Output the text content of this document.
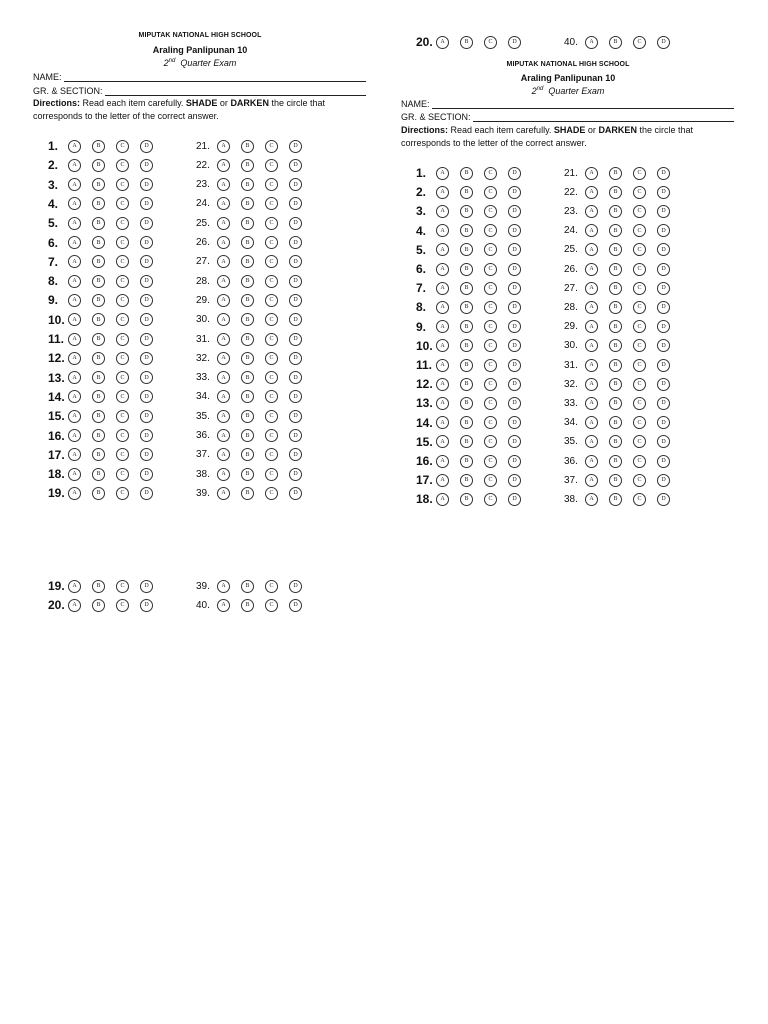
MIPUTAK NATIONAL HIGH SCHOOL
Araling Panlipunan 10
2nd Quarter Exam
NAME:
GR. & SECTION:
Directions: Read each item carefully. SHADE or DARKEN the circle that corresponds to the letter of the correct answer.
MIPUTAK NATIONAL HIGH SCHOOL
Araling Panlipunan 10
2nd Quarter Exam
NAME:
GR. & SECTION:
Directions: Read each item carefully. SHADE or DARKEN the circle that corresponds to the letter of the correct answer.
1.	A	B	C	D
2.	A	B	C	D
3.	A	B	C	D
4.	A	B	C	D
5.	A	B	C	D
6.	A	B	C	D
7.	A	B	C	D
8.	A	B	C	D
9.	A	B	C	D
10.	A	B	C	D
11.	A	B	C	D
12.	A	B	C	D
13.	A	B	C	D
14.	A	B	C	D
15.	A	B	C	D
16.	A	B	C	D
17.	A	B	C	D
18.	A	B	C	D
19.	A	B	C	D
21.	A	B	C	D
22.	A	B	C	D
23.	A	B	C	D
24.	A	B	C	D
25.	A	B	C	D
26.	A	B	C	D
27.	A	B	C	D
28.	A	B	C	D
29.	A	B	C	D
30.	A	B	C	D
31.	A	B	C	D
32.	A	B	C	D
33.	A	B	C	D
34.	A	B	C	D
35.	A	B	C	D
36.	A	B	C	D
37.	A	B	C	D
38.	A	B	C	D
39.	A	B	C	D
19.	A	B	C	D
20.	A	B	C	D
39.	A	B	C	D
40.	A	B	C	D
20.	A	B	C	D	40.	A	B	C	D
1.	A	B	C	D
2.	A	B	C	D
3.	A	B	C	D
4.	A	B	C	D
5.	A	B	C	D
6.	A	B	C	D
7.	A	B	C	D
8.	A	B	C	D
9.	A	B	C	D
10.	A	B	C	D
11.	A	B	C	D
12.	A	B	C	D
13.	A	B	C	D
14.	A	B	C	D
15.	A	B	C	D
16.	A	B	C	D
17.	A	B	C	D
18.	A	B	C	D
21.	A	B	C	D
22.	A	B	C	D
23.	A	B	C	D
24.	A	B	C	D
25.	A	B	C	D
26.	A	B	C	D
27.	A	B	C	D
28.	A	B	C	D
29.	A	B	C	D
30.	A	B	C	D
31.	A	B	C	D
32.	A	B	C	D
33.	A	B	C	D
34.	A	B	C	D
35.	A	B	C	D
36.	A	B	C	D
37.	A	B	C	D
38.	A	B	C	D
